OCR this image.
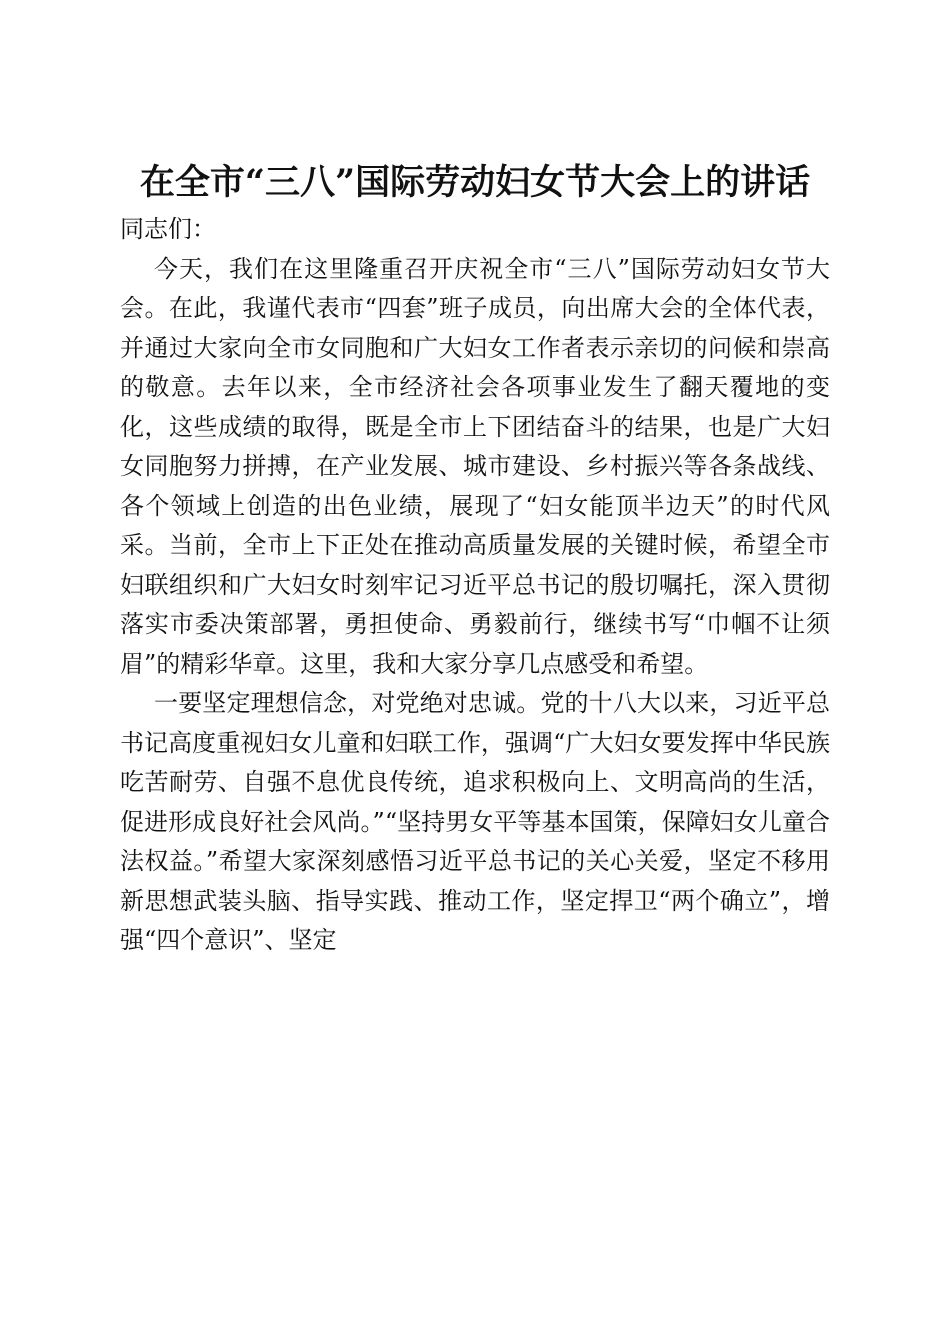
在全市“三八”国际劳动妇女节大会上的讲话

同志们：

今天，我们在这里隆重召开庆祝全市“三八”国际劳动妇女节大会。在此，我谨代表市“四套”班子成员，向出席大会的全体代表，并通过大家向全市女同胞和广大妇女工作者表示亲切的问候和崇高的敬意。去年以来，全市经济社会各项事业发生了翻天覆地的变化，这些成绩的取得，既是全市上下团结奋斗的结果，也是广大妇女同胞努力拼搏，在产业发展、城市建设、乡村振兴等各条战线、各个领域上创造的出色业绩，展现了“妇女能顶半边天”的时代风采。当前，全市上下正处在推动高质量发展的关键时候，希望全市妇联组织和广大妇女时刻牢记习近平总书记的殷切嘱托，深入贯彻落实市委决策部署，勇担使命、勇毅前行，继续书写“巾帼不让须眉”的精彩华章。这里，我和大家分享几点感受和希望。

一要坚定理想信念，对党绝对忠诚。党的十八大以来，习近平总书记高度重视妇女儿童和妇联工作，强调“广大妇女要发挥中华民族吃苦耐劳、自强不息优良传统，追求积极向上、文明高尚的生活，促进形成良好社会风尚。”“坚持男女平等基本国策，保障妇女儿童合法权益。”希望大家深刻感悟习近平总书记的关心关爱，坚定不移用新思想武装头脑、指导实践、推动工作，坚定捍卫“两个确立”，增强“四个意识”、坚定
